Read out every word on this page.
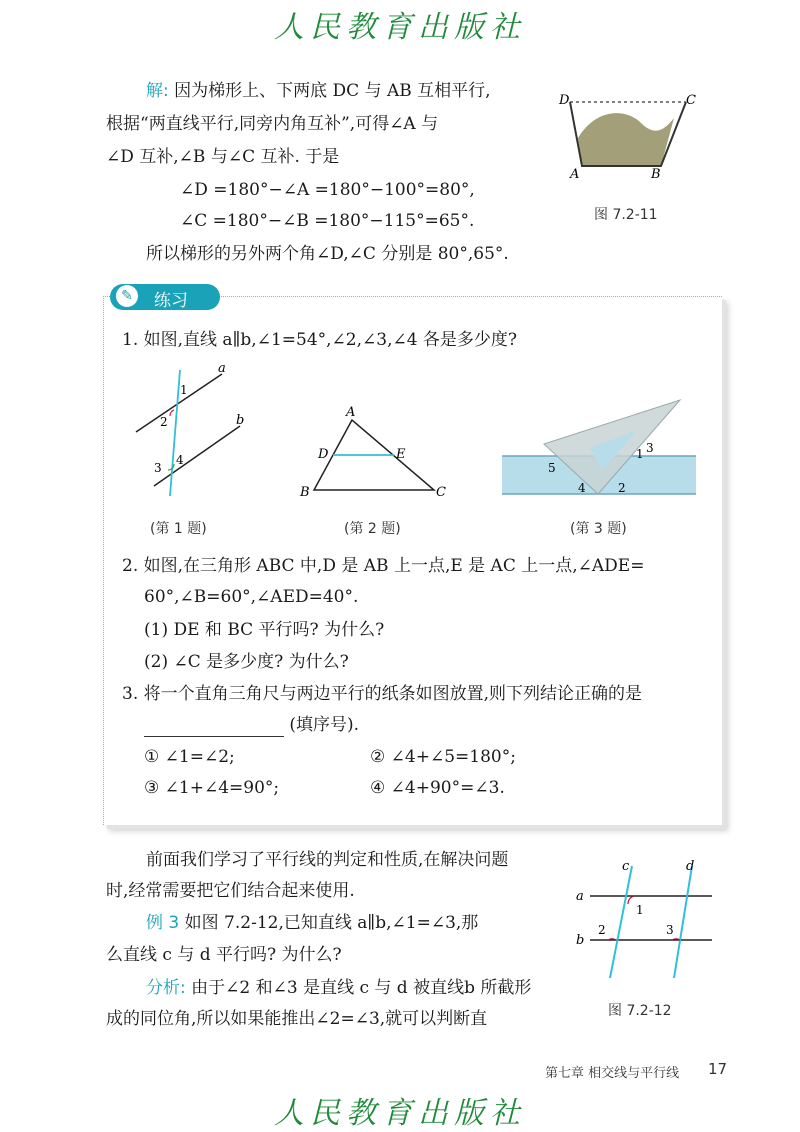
人民教育出版社
人民教育出版社
解: 因为梯形上、下两底 DC 与 AB 互相平行,
根据“两直线平行,同旁内角互补”,可得∠A 与
∠D 互补,∠B 与∠C 互补. 于是
∠D =180°−∠A =180°−100°=80°,
∠C =180°−∠B =180°−115°=65°.
所以梯形的另外两个角∠D,∠C 分别是 80°,65°.
D	C
A	B
图 7.2-11
✎	练习
1. 如图,直线 a∥b,∠1=54°,∠2,∠3,∠4 各是多少度?
a
b
1
2
3
4
A
D	E
B	C
1
2
3
4
5
(第 1 题)	(第 2 题)	(第 3 题)
2. 如图,在三角形 ABC 中,D 是 AB 上一点,E 是 AC 上一点,∠ADE=
60°,∠B=60°,∠AED=40°.
(1) DE 和 BC 平行吗? 为什么?
(2) ∠C 是多少度? 为什么?
3. 将一个直角三角尺与两边平行的纸条如图放置,则下列结论正确的是
(填序号).
① ∠1=∠2;	② ∠4+∠5=180°;
③ ∠1+∠4=90°;	④ ∠4+90°=∠3.
前面我们学习了平行线的判定和性质,在解决问题
时,经常需要把它们结合起来使用.
例 3 如图 7.2-12,已知直线 a∥b,∠1=∠3,那
么直线 c 与 d 平行吗? 为什么?
分析: 由于∠2 和∠3 是直线 c 与 d 被直线b 所截形
成的同位角,所以如果能推出∠2=∠3,就可以判断直
c	d
a
b
1
2	3
图 7.2-12
第七章 相交线与平行线 17
